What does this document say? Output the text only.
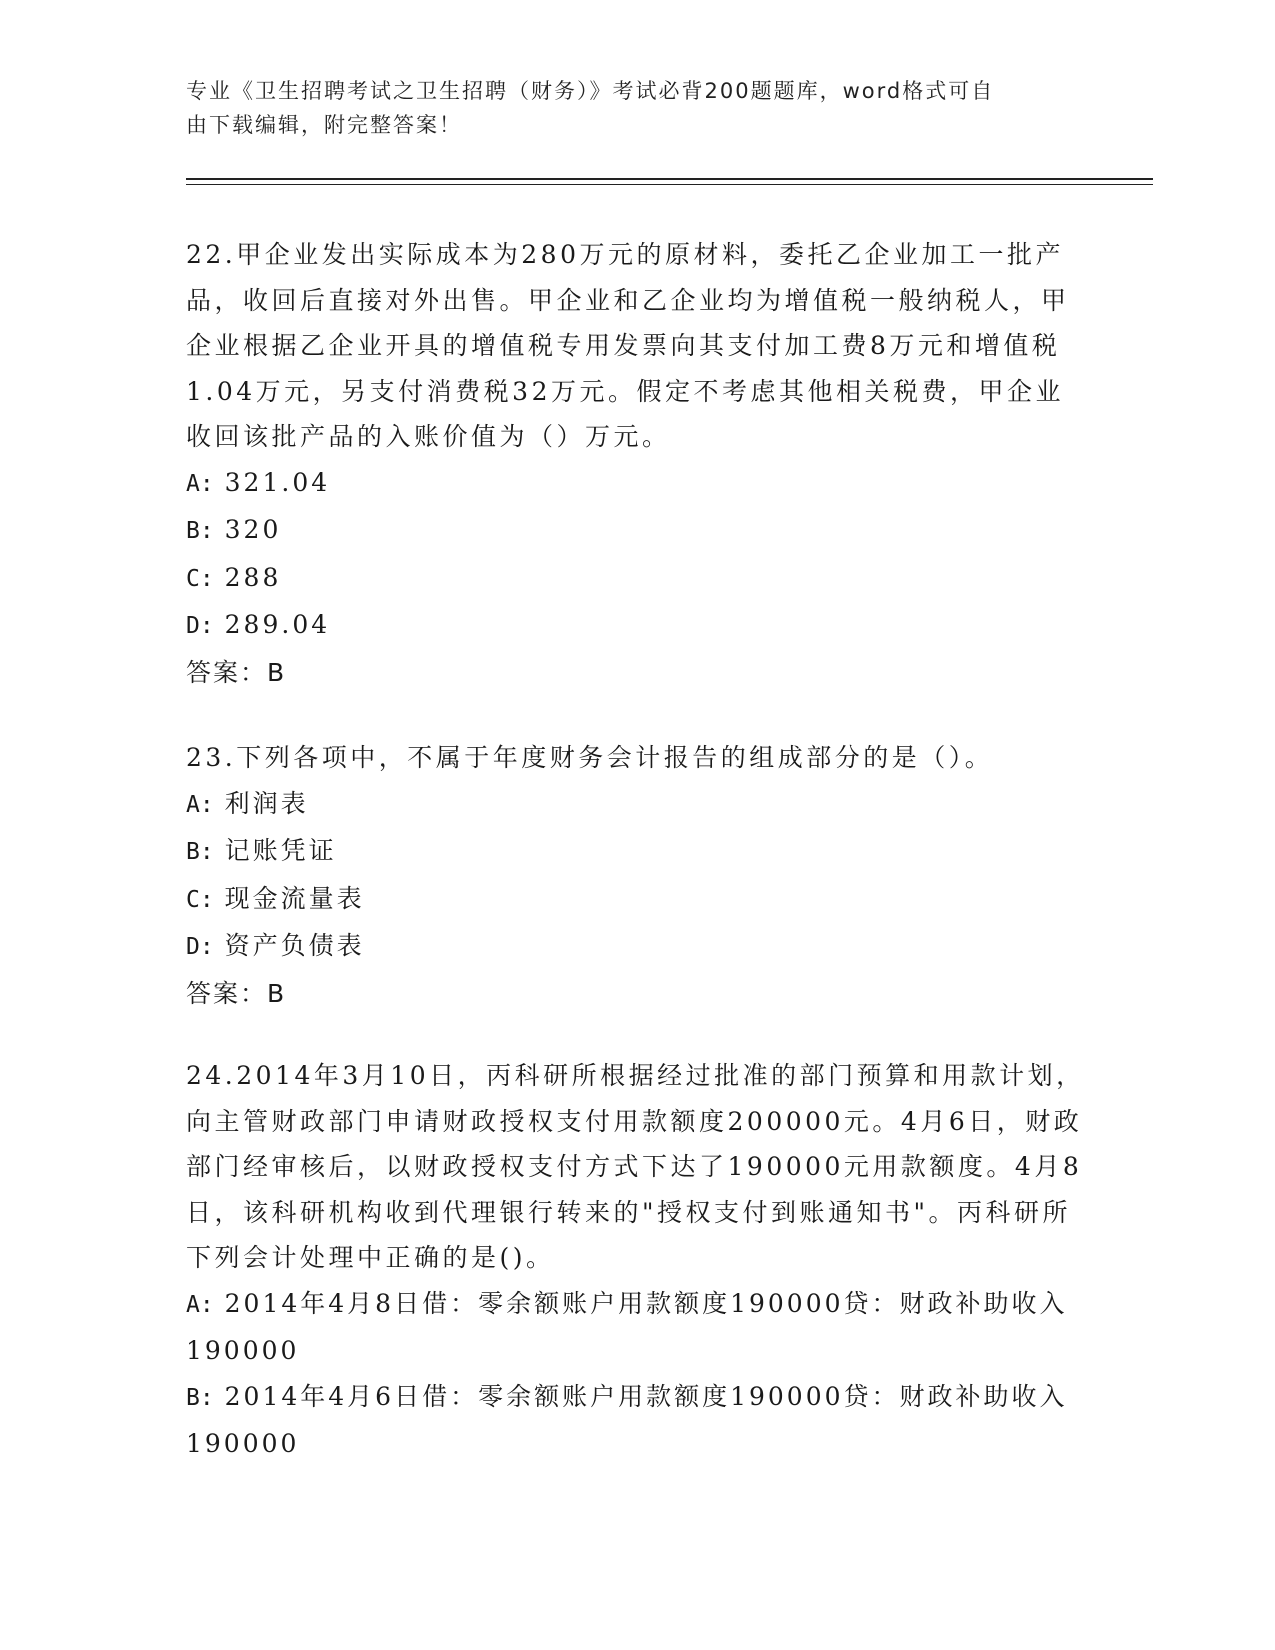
专业《卫生招聘考试之卫生招聘（财务）》考试必背200题题库，word格式可自
由下载编辑，附完整答案！

22.甲企业发出实际成本为280万元的原材料，委托乙企业加工一批产品，收回后直接对外出售。甲企业和乙企业均为增值税一般纳税人，甲企业根据乙企业开具的增值税专用发票向其支付加工费8万元和增值税1.04万元，另支付消费税32万元。假定不考虑其他相关税费，甲企业收回该批产品的入账价值为（）万元。

A: 321.04

B: 320

C: 288

D: 289.04

答案：B

23.下列各项中，不属于年度财务会计报告的组成部分的是（）。

A: 利润表

B: 记账凭证

C: 现金流量表

D: 资产负债表

答案：B

24.2014年3月10日，丙科研所根据经过批准的部门预算和用款计划，向主管财政部门申请财政授权支付用款额度200000元。4月6日，财政部门经审核后，以财政授权支付方式下达了190000元用款额度。4月8日，该科研机构收到代理银行转来的"授权支付到账通知书"。丙科研所下列会计处理中正确的是()。

A: 2014年4月8日借：零余额账户用款额度190000贷：财政补助收入190000

B: 2014年4月6日借：零余额账户用款额度190000贷：财政补助收入190000
